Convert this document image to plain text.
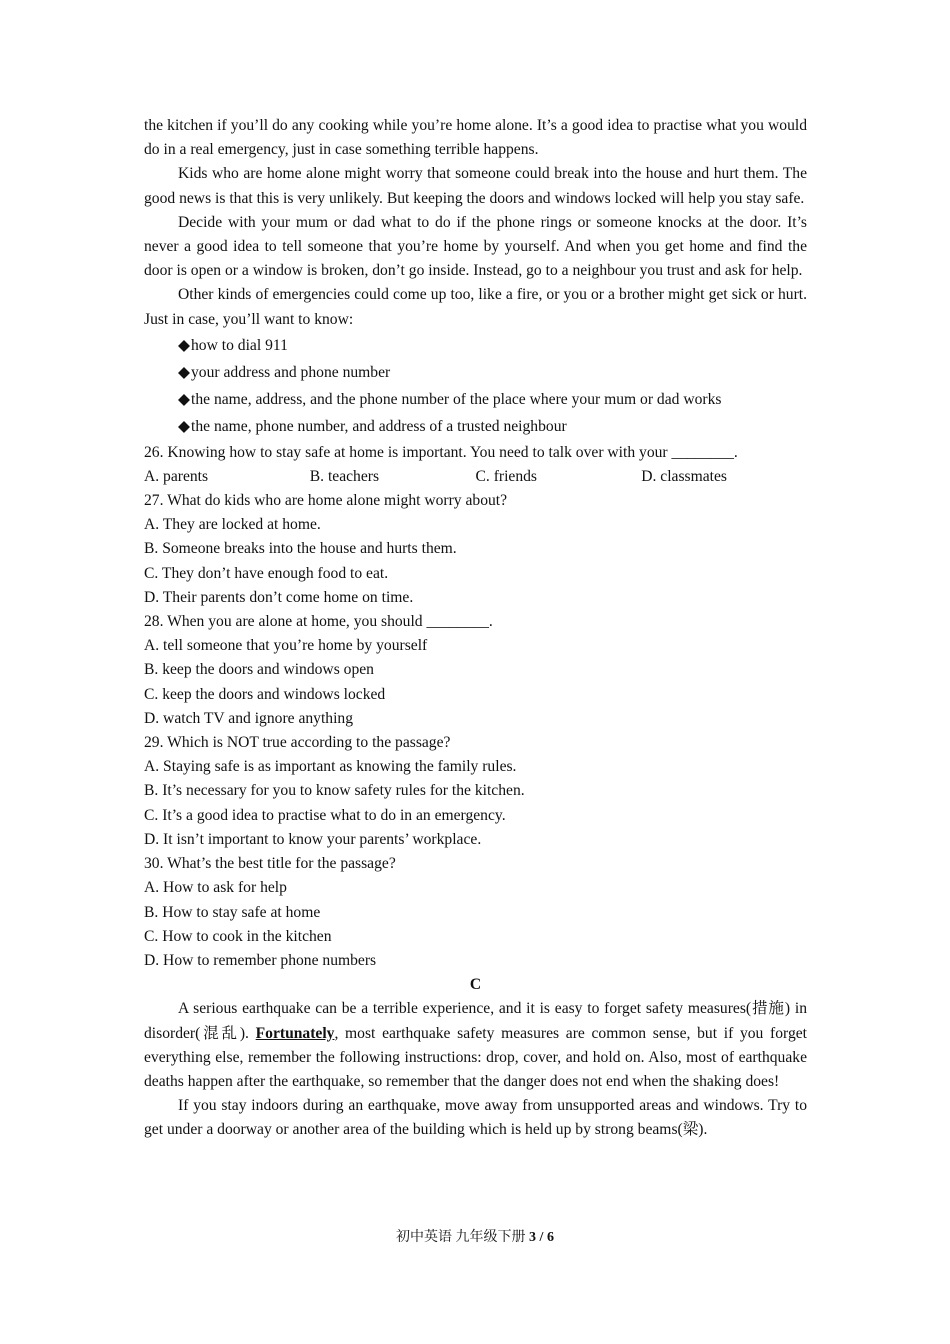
the kitchen if you’ll do any cooking while you’re home alone. It’s a good idea to practise what you would do in a real emergency, just in case something terrible happens.

Kids who are home alone might worry that someone could break into the house and hurt them. The good news is that this is very unlikely. But keeping the doors and windows locked will help you stay safe.

Decide with your mum or dad what to do if the phone rings or someone knocks at the door. It’s never a good idea to tell someone that you’re home by yourself. And when you get home and find the door is open or a window is broken, don’t go inside. Instead, go to a neighbour you trust and ask for help.

Other kinds of emergencies could come up too, like a fire, or you or a brother might get sick or hurt. Just in case, you’ll want to know:

◆how to dial 911

◆your address and phone number

◆the name, address, and the phone number of the place where your mum or dad works

◆the name, phone number, and address of a trusted neighbour

26. Knowing how to stay safe at home is important. You need to talk over with your ________.

A. parents	B. teachers	C. friends	D. classmates

27. What do kids who are home alone might worry about?

A. They are locked at home.

B. Someone breaks into the house and hurts them.

C. They don’t have enough food to eat.

D. Their parents don’t come home on time.

28. When you are alone at home, you should ________.

A. tell someone that you’re home by yourself

B. keep the doors and windows open

C. keep the doors and windows locked

D. watch TV and ignore anything

29. Which is NOT true according to the passage?

A. Staying safe is as important as knowing the family rules.

B. It’s necessary for you to know safety rules for the kitchen.

C. It’s a good idea to practise what to do in an emergency.

D. It isn’t important to know your parents’ workplace.

30. What’s the best title for the passage?

A. How to ask for help

B. How to stay safe at home

C. How to cook in the kitchen

D. How to remember phone numbers

C

A serious earthquake can be a terrible experience, and it is easy to forget safety measures(措施) in disorder(混乱). Fortunately, most earthquake safety measures are common sense, but if you forget everything else, remember the following instructions: drop, cover, and hold on. Also, most of earthquake deaths happen after the earthquake, so remember that the danger does not end when the shaking does!

If you stay indoors during an earthquake, move away from unsupported areas and windows. Try to get under a doorway or another area of the building which is held up by strong beams(梁).

初中英语 九年级下册 3 / 6
